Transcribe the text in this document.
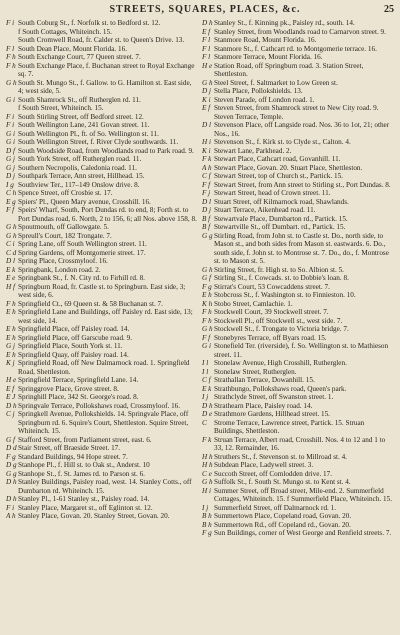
STREETS, SQUARES, PLACES, &c.	25
F i South Coburg St., f. Norfolk st. to Bedford st. 12.
f South Cottages, Whiteinch. 15.
South Cromwell Road, fr. Calder st. to Queen's Drive. 13.
F l South Dean Place, Mount Florida. 16.
F h South Exchange Court, 77 Queen street. 7.
F h South Exchange Place, f. Buchanan street to Royal Exchange sq. 7.
G hSouth St. Mungo St., f. Gallow. to G. Hamilton st. East side, 4; west side, 5.
G i South Shamrock St., off Rutherglen rd. 11.
f South Street, Whiteinch. 15.
F i South Stirling Street, off Bedford street. 12.
F i South Wellington Lane, 241 Govan street. 11.
G i South Wellington Pl., ft. of So. Wellington st. 11.
G i South Wellington Street, f. River Clyde southwards. 11.
D f South Woodside Road, from Woodlands road to Park road. 9.
G j South York Street, off Rutherglen road. 11.
G j Southern Necropolis, Caledonia road. 11.
D j Southpark Terrace, Ann street, Hillhead. 15.
I g Southview Ter., 117–149 Onslow drive. 8.
C h Spence Street, off Crosbie st. 17.
E g Spiers' Pl., Queen Mary avenue, Crosshill. 16.
F f Speirs' Wharf, South, Port Dundas rd. to end, 8; Forth st. to Port Dundas road, 6. North, 2 to 156, 6; all Nos. above 158, 8.
G hSpoutmouth, off Gallowgate. 5.
G hSpreull's Court, 182 Trongate. 7.
C i Spring Lane, off South Wellington street. 11.
C d Spring Gardens, off Montgomerie street. 17.
D l Spring Place, Crossmyloof. 16.
E k Springbank, London road. 2.
E e Springbank St., f. N. City rd. to Firhill rd. 8.
H f Springburn Road, fr. Castle st. to Springburn. East side, 3; west side, 6.
F h Springfield Ct., 69 Queen st. & 58 Buchanan st. 7.
E h Springfield Lane and Buildings, off Paisley rd. East side, 13; west side, 14.
E h Springfield Place, off Paisley road. 14.
E h Springfield Place, off Garscube road. 9.
G j Springfield Place, South York st. 11.
E h Springfield Quay, off Paisley road. 14.
K j Springfield Road, off New Dalmarnock road. 1. Springfield Road, Shettleston.
H e Springfield Terrace, Springfield Lane. 14.
E f Springgrove Place, Grove street. 8.
E J Springhill Place, 342 St. George's road. 8.
D hSpringvale Terrace, Pollokshaws road, Crossmyloof. 16.
C j Springkell Avenue, Pollokshields. 14. Springvale Place, off Springburn rd. 6. Squire's Court, Shettleston. Squire Street, Whiteinch. 15.
G f Stafford Street, from Parliament street, east. 6.
D dStair Street, off Braeside Street. 17.
F g Standard Buildings, 94 Hope street. 7.
D gStanhope Pl., f. Hill st. to Oak st., Anderst. 10
G gStanhope St., f. St. James rd. to Parson st. 6.
D hStanley Buildings, Paisley road, west. 14. Stanley Cotts., off Dumbarton rd. Whiteinch. 15.
D hStanley Pl., 1-61 Stanley st., Paisley road. 14.
F i Stanley Place, Margaret st., off Eglinton st. 12.
A h Stanley Place, Govan. 20. Stanley Street, Govan. 20.
D hStanley St., f. Kinning pk., Paisley rd., south. 14.
E f Stanley Street, from Woodlands road to Carnarvon street. 9.
F l Stanmore Road, Mount Florida. 16.
F l Stanmore St., f. Cathcart rd. to Montgomerie terrace. 16.
F l Stanmore Terrace, Mount Florida. 16.
H e Station Road, off Springburn road. 3. Station Street, Shettleston.
G hSteel Street, f. Saltmarket to Low Green st.
D j Stella Place, Pollokshields. 13.
K i Steven Parade, off London road. 1.
E f Steven Street, from Shamrock street to New City road. 9. Steven Terrace, Temple.
D l Stevenson Place, off Langside road. Nos. 36 to 1ot, 21; other Nos., 16.
H i Stevenson St., f. Kirk st. to Clyde st., Calton. 4.
K i Stewart Lane, Parkhead. 2.
F k Stewart Place, Cathcart road, Govanhill. 11.
A h Stewart Place, Govan. 20. Stuart Place, Shettleston.
C f Stewart Street, top of Church st., Partick. 15.
F f Stewart Street, from Ann street to Stirling st., Port Dundas. 8.
F j Stewart Street, head of Crown street. 11.
D l Stuart Street, off Kilmarnock road, Shawlands.
D j Stuart Terrace, Aikenhead road. 11.
B f Stewartvale Place, Dumbarton rd., Partick. 15.
B f Stewartville St., off Dumbart. rd., Partick. 15.
G gStirling Road, from John st. to Castle st. Do., north side, to Mason st., and both sides from Mason st. eastwards. 6. Do., south side, f. John st. to Montrose st. 7. Do., do., f. Montrose st. to Mason st. 5.
G hStirling Street, fr. High st. to So. Albion st. 5.
G f Stirling St., f. Cowcads. st. to Dobbie's loan. 8.
F g Stirrat's Court, 53 Cowcaddens street. 7.
E h Stobcross St., f. Washington st. to Finnieston. 10.
K h Stobo Street, Camlachie. 1.
F h Stockwell Court, 39 Stockwell street. 7.
F h Stockwell Pl., off Stockwell st., west side. 7.
G hStockwell St., f. Trongate to Victoria bridge. 7.
F f Stonebyres Terrace, off Byars road. 15.
G i Stonefield Ter. (riverside), f. So. Wellington st. to Mathieson street. 11.
I l Stonelaw Avenue, High Crosshill, Rutherglen.
I l Stonelaw Street, Rutherglen.
C f Strathallan Terrace, Dowanhill. 15.
E k Strathbungo, Pollokshaws road, Queen's park.
I j Strathclyde Street, off Swanston street. 1.
D hStrathearn Place, Paisley road. 14.
D e Strathmore Gardens, Hillhead street. 15.
C Strome Terrace, Lawrence street, Partick. 15. Struan Buildings, Shettleston.
F k Struan Terrace, Albert road, Crosshill. Nos. 4 to 12 and 1 to 33, 12. Remainder, 16.
H hStruthers St., f. Stevenson st. to Millroad st. 4.
H hSubdean Place, Ladywell street. 3.
C e Succoth Street, off Comlodden drive. 17.
G hSuffolk St., f. South St. Mungo st. to Kent st. 4.
H i Summer Street, off Broad street, Mile-end. 2. Summerfield Cottages, Whiteinch. 15. f Summerfield Place, Whiteinch. 15.
I j Summerfield Street, off Dalmarnock rd. 1.
B h Summertown Place, Copeland road, Govan. 20.
B h Summertown Rd., off Copeland rd., Govan. 20.
F g Sun Buildings, corner of West George and Renfield streets. 7.
